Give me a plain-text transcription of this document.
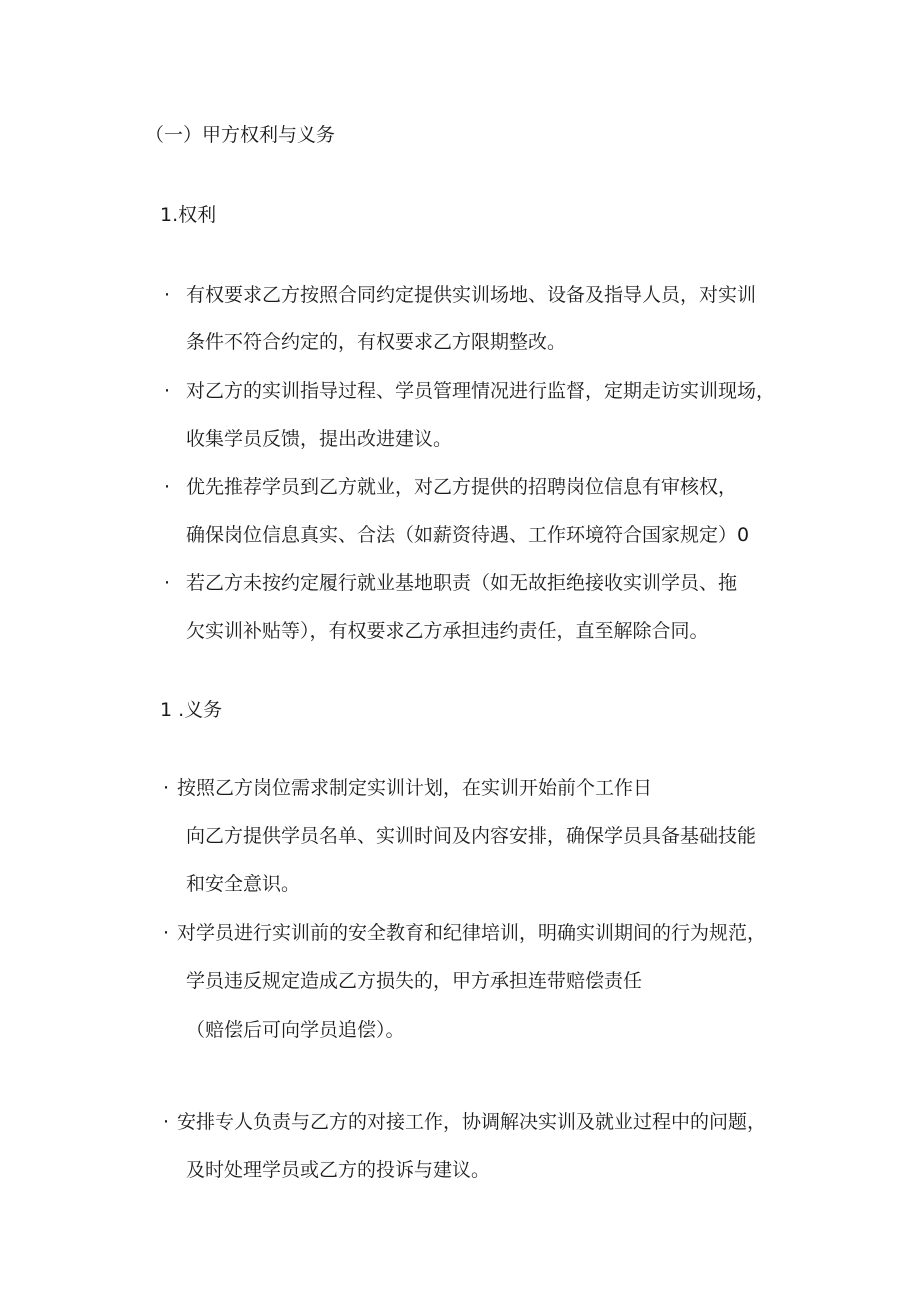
（一）甲方权利与义务
1.权利
· 有权要求乙方按照合同约定提供实训场地、设备及指导人员，对实训
条件不符合约定的，有权要求乙方限期整改。
· 对乙方的实训指导过程、学员管理情况进行监督，定期走访实训现场，
收集学员反馈，提出改进建议。
· 优先推荐学员到乙方就业，对乙方提供的招聘岗位信息有审核权，
确保岗位信息真实、合法（如薪资待遇、工作环境符合国家规定）0
· 若乙方未按约定履行就业基地职责（如无故拒绝接收实训学员、拖
欠实训补贴等），有权要求乙方承担违约责任，直至解除合同。
1 .义务
· 按照乙方岗位需求制定实训计划，在实训开始前个工作日
向乙方提供学员名单、实训时间及内容安排，确保学员具备基础技能
和安全意识。
· 对学员进行实训前的安全教育和纪律培训，明确实训期间的行为规范，
学员违反规定造成乙方损失的，甲方承担连带赔偿责任
（赔偿后可向学员追偿）。
· 安排专人负责与乙方的对接工作，协调解决实训及就业过程中的问题，
及时处理学员或乙方的投诉与建议。
